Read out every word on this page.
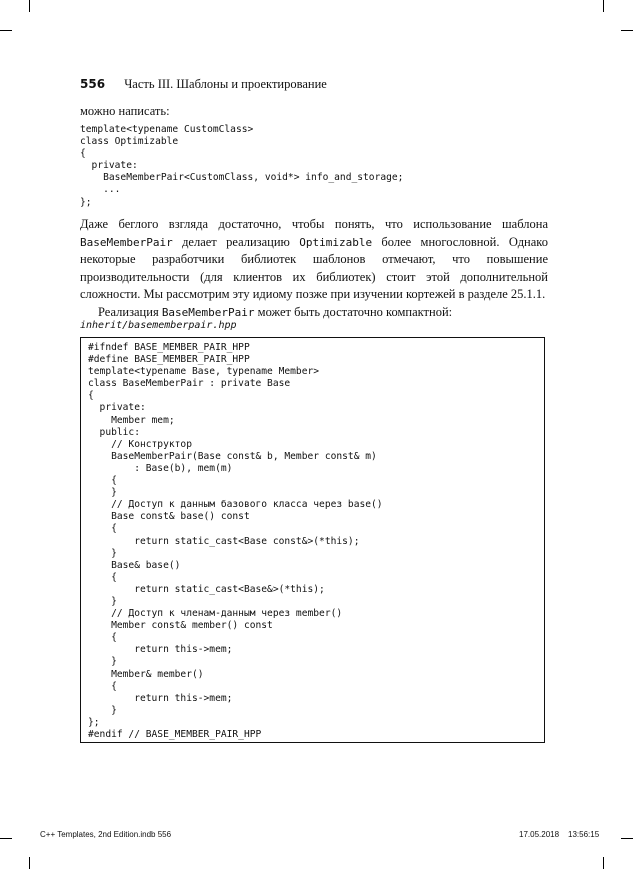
556 Часть III. Шаблоны и проектирование
можно написать:
template<typename CustomClass>
class Optimizable
{
private:
BaseMemberPair<CustomClass, void*> info_and_storage;
...
};

Даже беглого взгляда достаточно, чтобы понять, что использование шаблона BaseMemberPair делает реализацию Optimizable более многословной. Однако некоторые разработчики библиотек шаблонов отмечают, что повышение производительности (для клиентов их библиотек) стоит этой дополнительной сложности. Мы рассмотрим эту идиому позже при изучении кортежей в разделе 25.1.1.

Реализация BaseMemberPair может быть достаточно компактной:

inherit/basememberpair.hpp
#ifndef BASE_MEMBER_PAIR_HPP
#define BASE_MEMBER_PAIR_HPP
template<typename Base, typename Member>
class BaseMemberPair : private Base
{
private:
Member mem;
public:
// Конструктор
BaseMemberPair(Base const& b, Member const& m)
: Base(b), mem(m)
{
}
// Доступ к данным базового класса через base()
Base const& base() const
{
return static_cast<Base const&>(*this);
}
Base& base()
{
return static_cast<Base&>(*this);
}
// Доступ к членам-данным через member()
Member const& member() const
{
return this->mem;
}
Member& member()
{
return this->mem;
}
};
#endif // BASE_MEMBER_PAIR_HPP
C++ Templates, 2nd Edition.indb 556	17.05.2018 13:56:15
